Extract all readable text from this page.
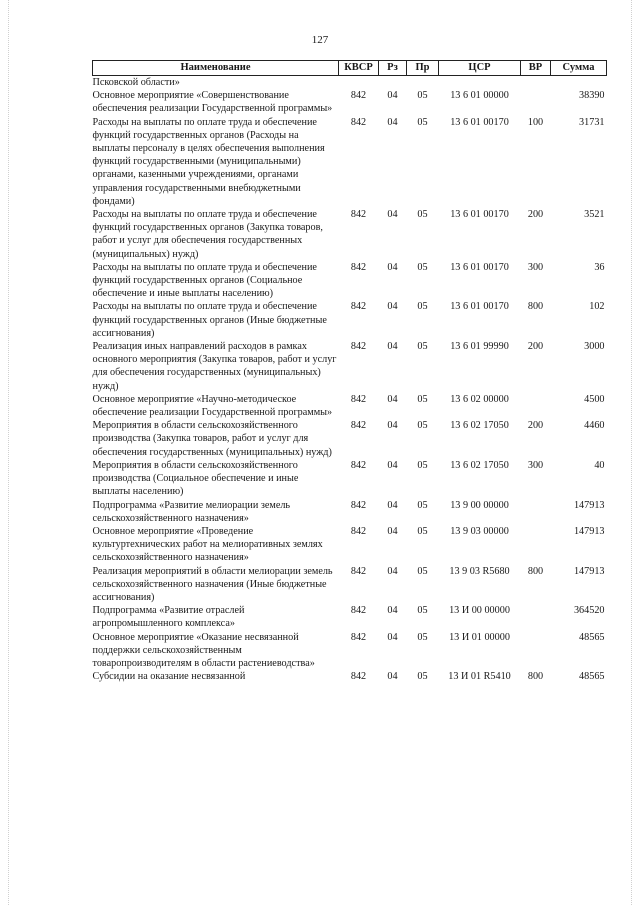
127
Наименование	КВСР	Рз	Пр	ЦСР	ВР	Сумма
Псковской области»						
Основное мероприятие «Совершенствование обеспечения реализации Государственной программы»	842	04	05	13 6 01 00000		38390
Расходы на выплаты по оплате труда и обеспечение функций государственных органов (Расходы на выплаты персоналу в целях обеспечения выполнения функций государственными (муниципальными) органами, казенными учреждениями, органами управления государственными внебюджетными фондами)	842	04	05	13 6 01 00170	100	31731
Расходы на выплаты по оплате труда и обеспечение функций государственных органов (Закупка товаров, работ и услуг для обеспечения государственных (муниципальных) нужд)	842	04	05	13 6 01 00170	200	3521
Расходы на выплаты по оплате труда и обеспечение функций государственных органов (Социальное обеспечение и иные выплаты населению)	842	04	05	13 6 01 00170	300	36
Расходы на выплаты по оплате труда и обеспечение функций государственных органов (Иные бюджетные ассигнования)	842	04	05	13 6 01 00170	800	102
Реализация иных направлений расходов в рамках основного мероприятия (Закупка товаров, работ и услуг для обеспечения государственных (муниципальных) нужд)	842	04	05	13 6 01 99990	200	3000
Основное мероприятие «Научно-методическое обеспечение реализации Государственной программы»	842	04	05	13 6 02 00000		4500
Мероприятия в области сельскохозяйственного производства (Закупка товаров, работ и услуг для обеспечения государственных (муниципальных) нужд)	842	04	05	13 6 02 17050	200	4460
Мероприятия в области сельскохозяйственного производства (Социальное обеспечение и иные выплаты населению)	842	04	05	13 6 02 17050	300	40
Подпрограмма «Развитие мелиорации земель сельскохозяйственного назначения»	842	04	05	13 9 00 00000		147913
Основное мероприятие «Проведение культуртехнических работ на мелиоративных землях сельскохозяйственного назначения»	842	04	05	13 9 03 00000		147913
Реализация мероприятий в области мелиорации земель сельскохозяйственного назначения (Иные бюджетные ассигнования)	842	04	05	13 9 03 R5680	800	147913
Подпрограмма «Развитие отраслей агропромышленного комплекса»	842	04	05	13 И 00 00000		364520
Основное мероприятие «Оказание несвязанной поддержки сельскохозяйственным товаропроизводителям в области растениеводства»	842	04	05	13 И 01 00000		48565
Субсидии на оказание несвязанной	842	04	05	13 И 01 R5410	800	48565
